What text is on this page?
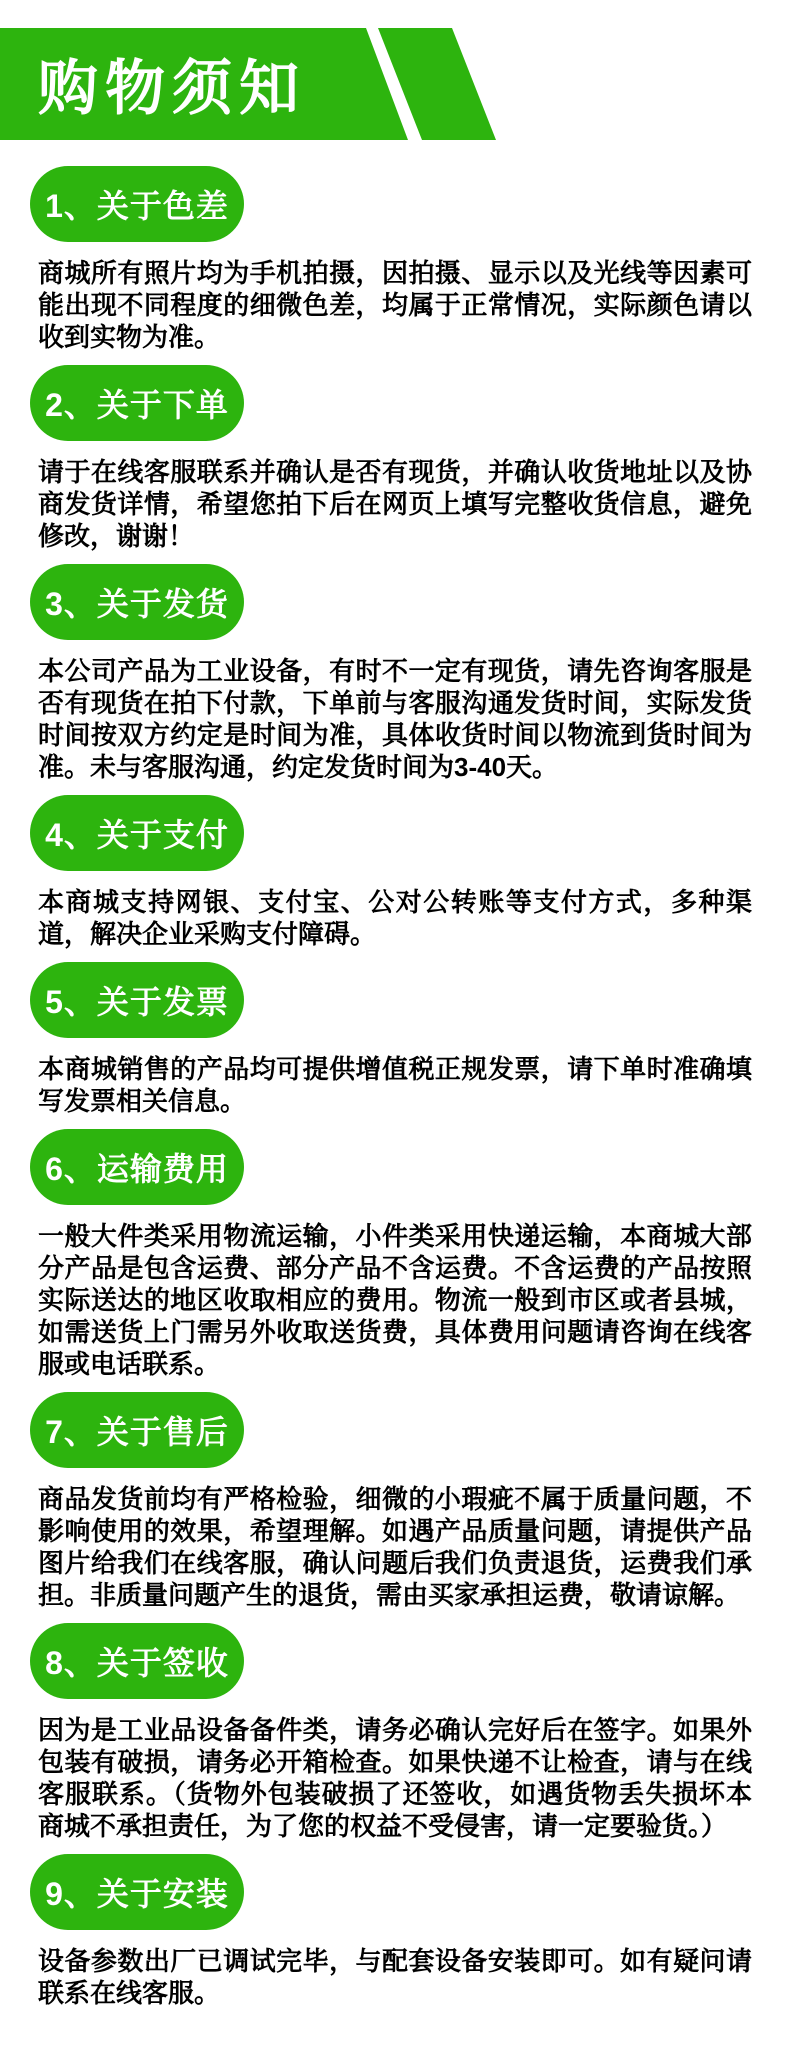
购物须知
1、关于色差

商城所有照片均为手机拍摄，因拍摄、显示以及光线等因素可能出现不同程度的细微色差，均属于正常情况，实际颜色请以收到实物为准。

2、关于下单

请于在线客服联系并确认是否有现货，并确认收货地址以及协商发货详情，希望您拍下后在网页上填写完整收货信息，避免修改，谢谢！

3、关于发货

本公司产品为工业设备，有时不一定有现货，请先咨询客服是否有现货在拍下付款，下单前与客服沟通发货时间，实际发货时间按双方约定是时间为准，具体收货时间以物流到货时间为准。未与客服沟通，约定发货时间为3-40天。

4、关于支付

本商城支持网银、支付宝、公对公转账等支付方式，多种渠道，解决企业采购支付障碍。

5、关于发票

本商城销售的产品均可提供增值税正规发票，请下单时准确填写发票相关信息。

6、运输费用

一般大件类采用物流运输，小件类采用快递运输，本商城大部分产品是包含运费、部分产品不含运费。不含运费的产品按照实际送达的地区收取相应的费用。物流一般到市区或者县城，如需送货上门需另外收取送货费，具体费用问题请咨询在线客服或电话联系。

7、关于售后

商品发货前均有严格检验，细微的小瑕疵不属于质量问题，不影响使用的效果，希望理解。如遇产品质量问题，请提供产品图片给我们在线客服，确认问题后我们负责退货，运费我们承担。非质量问题产生的退货，需由买家承担运费，敬请谅解。

8、关于签收

因为是工业品设备备件类，请务必确认完好后在签字。如果外包装有破损，请务必开箱检查。如果快递不让检查，请与在线客服联系。（货物外包装破损了还签收，如遇货物丢失损坏本商城不承担责任，为了您的权益不受侵害，请一定要验货。）

9、关于安装

设备参数出厂已调试完毕，与配套设备安装即可。如有疑问请联系在线客服。
